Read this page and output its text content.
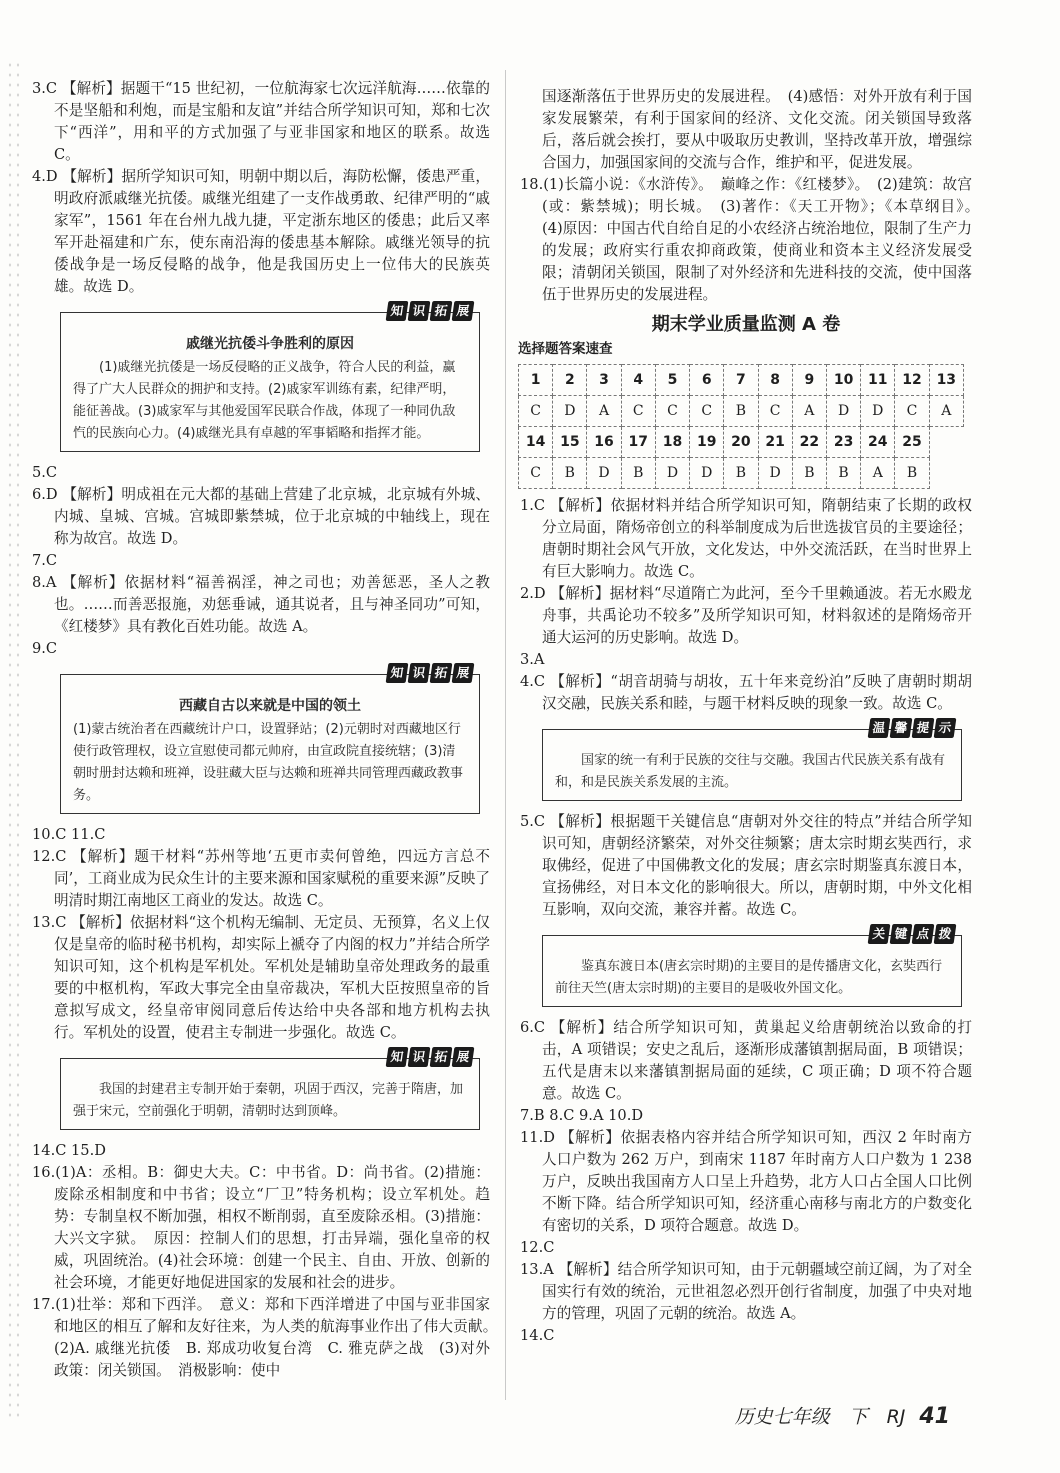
3.C 【解析】据题干“15 世纪初，一位航海家七次远洋航海……依靠的不是坚船和利炮，而是宝船和友谊”并结合所学知识可知，郑和七次下“西洋”，用和平的方式加强了与亚非国家和地区的联系。故选 C。

4.D 【解析】据所学知识可知，明朝中期以后，海防松懈，倭患严重，明政府派戚继光抗倭。戚继光组建了一支作战勇敢、纪律严明的“戚家军”，1561 年在台州九战九捷，平定浙东地区的倭患；此后又率军开赴福建和广东，使东南沿海的倭患基本解除。戚继光领导的抗倭战争是一场反侵略的战争，他是我国历史上一位伟大的民族英雄。故选 D。

知 识 拓 展
戚继光抗倭斗争胜利的原因

(1)戚继光抗倭是一场反侵略的正义战争，符合人民的利益，赢得了广大人民群众的拥护和支持。(2)戚家军训练有素，纪律严明，能征善战。(3)戚家军与其他爱国军民联合作战，体现了一种同仇敌忾的民族向心力。(4)戚继光具有卓越的军事韬略和指挥才能。

5.C

6.D 【解析】明成祖在元大都的基础上营建了北京城，北京城有外城、内城、皇城、宫城。宫城即紫禁城，位于北京城的中轴线上，现在称为故宫。故选 D。

7.C

8.A 【解析】依据材料“福善祸淫，神之司也；劝善惩恶，圣人之教也。……而善恶报施，劝惩垂诫，通其说者，且与神圣同功”可知，《红楼梦》具有教化百姓功能。故选 A。

9.C

知 识 拓 展
西藏自古以来就是中国的领土

(1)蒙古统治者在西藏统计户口，设置驿站；(2)元朝时对西藏地区行使行政管理权，设立宣慰使司都元帅府，由宣政院直接统辖；(3)清朝时册封达赖和班禅，设驻藏大臣与达赖和班禅共同管理西藏政教事务。

10.C 11.C

12.C 【解析】题干材料“苏州等地‘五更市卖何曾绝，四远方言总不同’，工商业成为民众生计的主要来源和国家赋税的重要来源”反映了明清时期江南地区工商业的发达。故选 C。

13.C 【解析】依据材料“这个机构无编制、无定员、无预算，名义上仅仅是皇帝的临时秘书机构，却实际上褫夺了内阁的权力”并结合所学知识可知，这个机构是军机处。军机处是辅助皇帝处理政务的最重要的中枢机构，军政大事完全由皇帝裁决，军机大臣按照皇帝的旨意拟写成文，经皇帝审阅同意后传达给中央各部和地方机构去执行。军机处的设置，使君主专制进一步强化。故选 C。

知 识 拓 展

我国的封建君主专制开始于秦朝，巩固于西汉，完善于隋唐，加强于宋元，空前强化于明朝，清朝时达到顶峰。

14.C 15.D

16.(1)A：丞相。B：御史大夫。C：中书省。D：尚书省。(2)措施：废除丞相制度和中书省；设立“厂卫”特务机构；设立军机处。趋势：专制皇权不断加强，相权不断削弱，直至废除丞相。(3)措施：大兴文字狱。　原因：控制人们的思想，打击异端，强化皇帝的权威，巩固统治。(4)社会环境：创建一个民主、自由、开放、创新的社会环境，才能更好地促进国家的发展和社会的进步。

17.(1)壮举：郑和下西洋。　意义：郑和下西洋增进了中国与亚非国家和地区的相互了解和友好往来，为人类的航海事业作出了伟大贡献。　(2)A. 戚继光抗倭　B. 郑成功收复台湾　C. 雅克萨之战　(3)对外政策：闭关锁国。　消极影响：使中

国逐渐落伍于世界历史的发展进程。　(4)感悟：对外开放有利于国家发展繁荣，有利于国家间的经济、文化交流。闭关锁国导致落后，落后就会挨打，要从中吸取历史教训，坚持改革开放，增强综合国力，加强国家间的交流与合作，维护和平，促进发展。

18.(1)长篇小说：《水浒传》。　巅峰之作：《红楼梦》。　(2)建筑：故宫(或：紫禁城)；明长城。　(3)著作：《天工开物》；《本草纲目》。　(4)原因：中国古代自给自足的小农经济占统治地位，限制了生产力的发展；政府实行重农抑商政策，使商业和资本主义经济发展受限；清朝闭关锁国，限制了对外经济和先进科技的交流，使中国落伍于世界历史的发展进程。

期末学业质量监测 A 卷
选择题答案速查
1	2	3	4	5	6	7	8	9	10	11	12	13
C	D	A	C	C	C	B	C	A	D	D	C	A
14	15	16	17	18	19	20	21	22	23	24	25	
C	B	D	B	D	D	B	D	B	B	A	B	

1.C 【解析】依据材料并结合所学知识可知，隋朝结束了长期的政权分立局面，隋炀帝创立的科举制度成为后世选拔官员的主要途径；唐朝时期社会风气开放，文化发达，中外交流活跃，在当时世界上有巨大影响力。故选 C。

2.D 【解析】据材料“尽道隋亡为此河，至今千里赖通波。若无水殿龙舟事，共禹论功不较多”及所学知识可知，材料叙述的是隋炀帝开通大运河的历史影响。故选 D。

3.A

4.C 【解析】“胡音胡骑与胡妆，五十年来竞纷泊”反映了唐朝时期胡汉交融，民族关系和睦，与题干材料反映的现象一致。故选 C。

温 馨 提 示

国家的统一有利于民族的交往与交融。我国古代民族关系有战有和，和是民族关系发展的主流。

5.C 【解析】根据题干关键信息“唐朝对外交往的特点”并结合所学知识可知，唐朝经济繁荣，对外交往频繁；唐太宗时期玄奘西行，求取佛经，促进了中国佛教文化的发展；唐玄宗时期鉴真东渡日本，宣扬佛经，对日本文化的影响很大。所以，唐朝时期，中外文化相互影响，双向交流，兼容并蓄。故选 C。

关 键 点 拨

鉴真东渡日本(唐玄宗时期)的主要目的是传播唐文化，玄奘西行前往天竺(唐太宗时期)的主要目的是吸收外国文化。

6.C 【解析】结合所学知识可知，黄巢起义给唐朝统治以致命的打击，A 项错误；安史之乱后，逐渐形成藩镇割据局面，B 项错误；五代是唐末以来藩镇割据局面的延续，C 项正确；D 项不符合题意。故选 C。

7.B 8.C 9.A 10.D

11.D 【解析】依据表格内容并结合所学知识可知，西汉 2 年时南方人口户数为 262 万户，到南宋 1187 年时南方人口户数为 1 238 万户，反映出我国南方人口呈上升趋势，北方人口占全国人口比例不断下降。结合所学知识可知，经济重心南移与南北方的户数变化有密切的关系，D 项符合题意。故选 D。

12.C

13.A 【解析】结合所学知识可知，由于元朝疆域空前辽阔，为了对全国实行有效的统治，元世祖忽必烈开创行省制度，加强了中央对地方的管理，巩固了元朝的统治。故选 A。

14.C

历史七年级　下　RJ 41
